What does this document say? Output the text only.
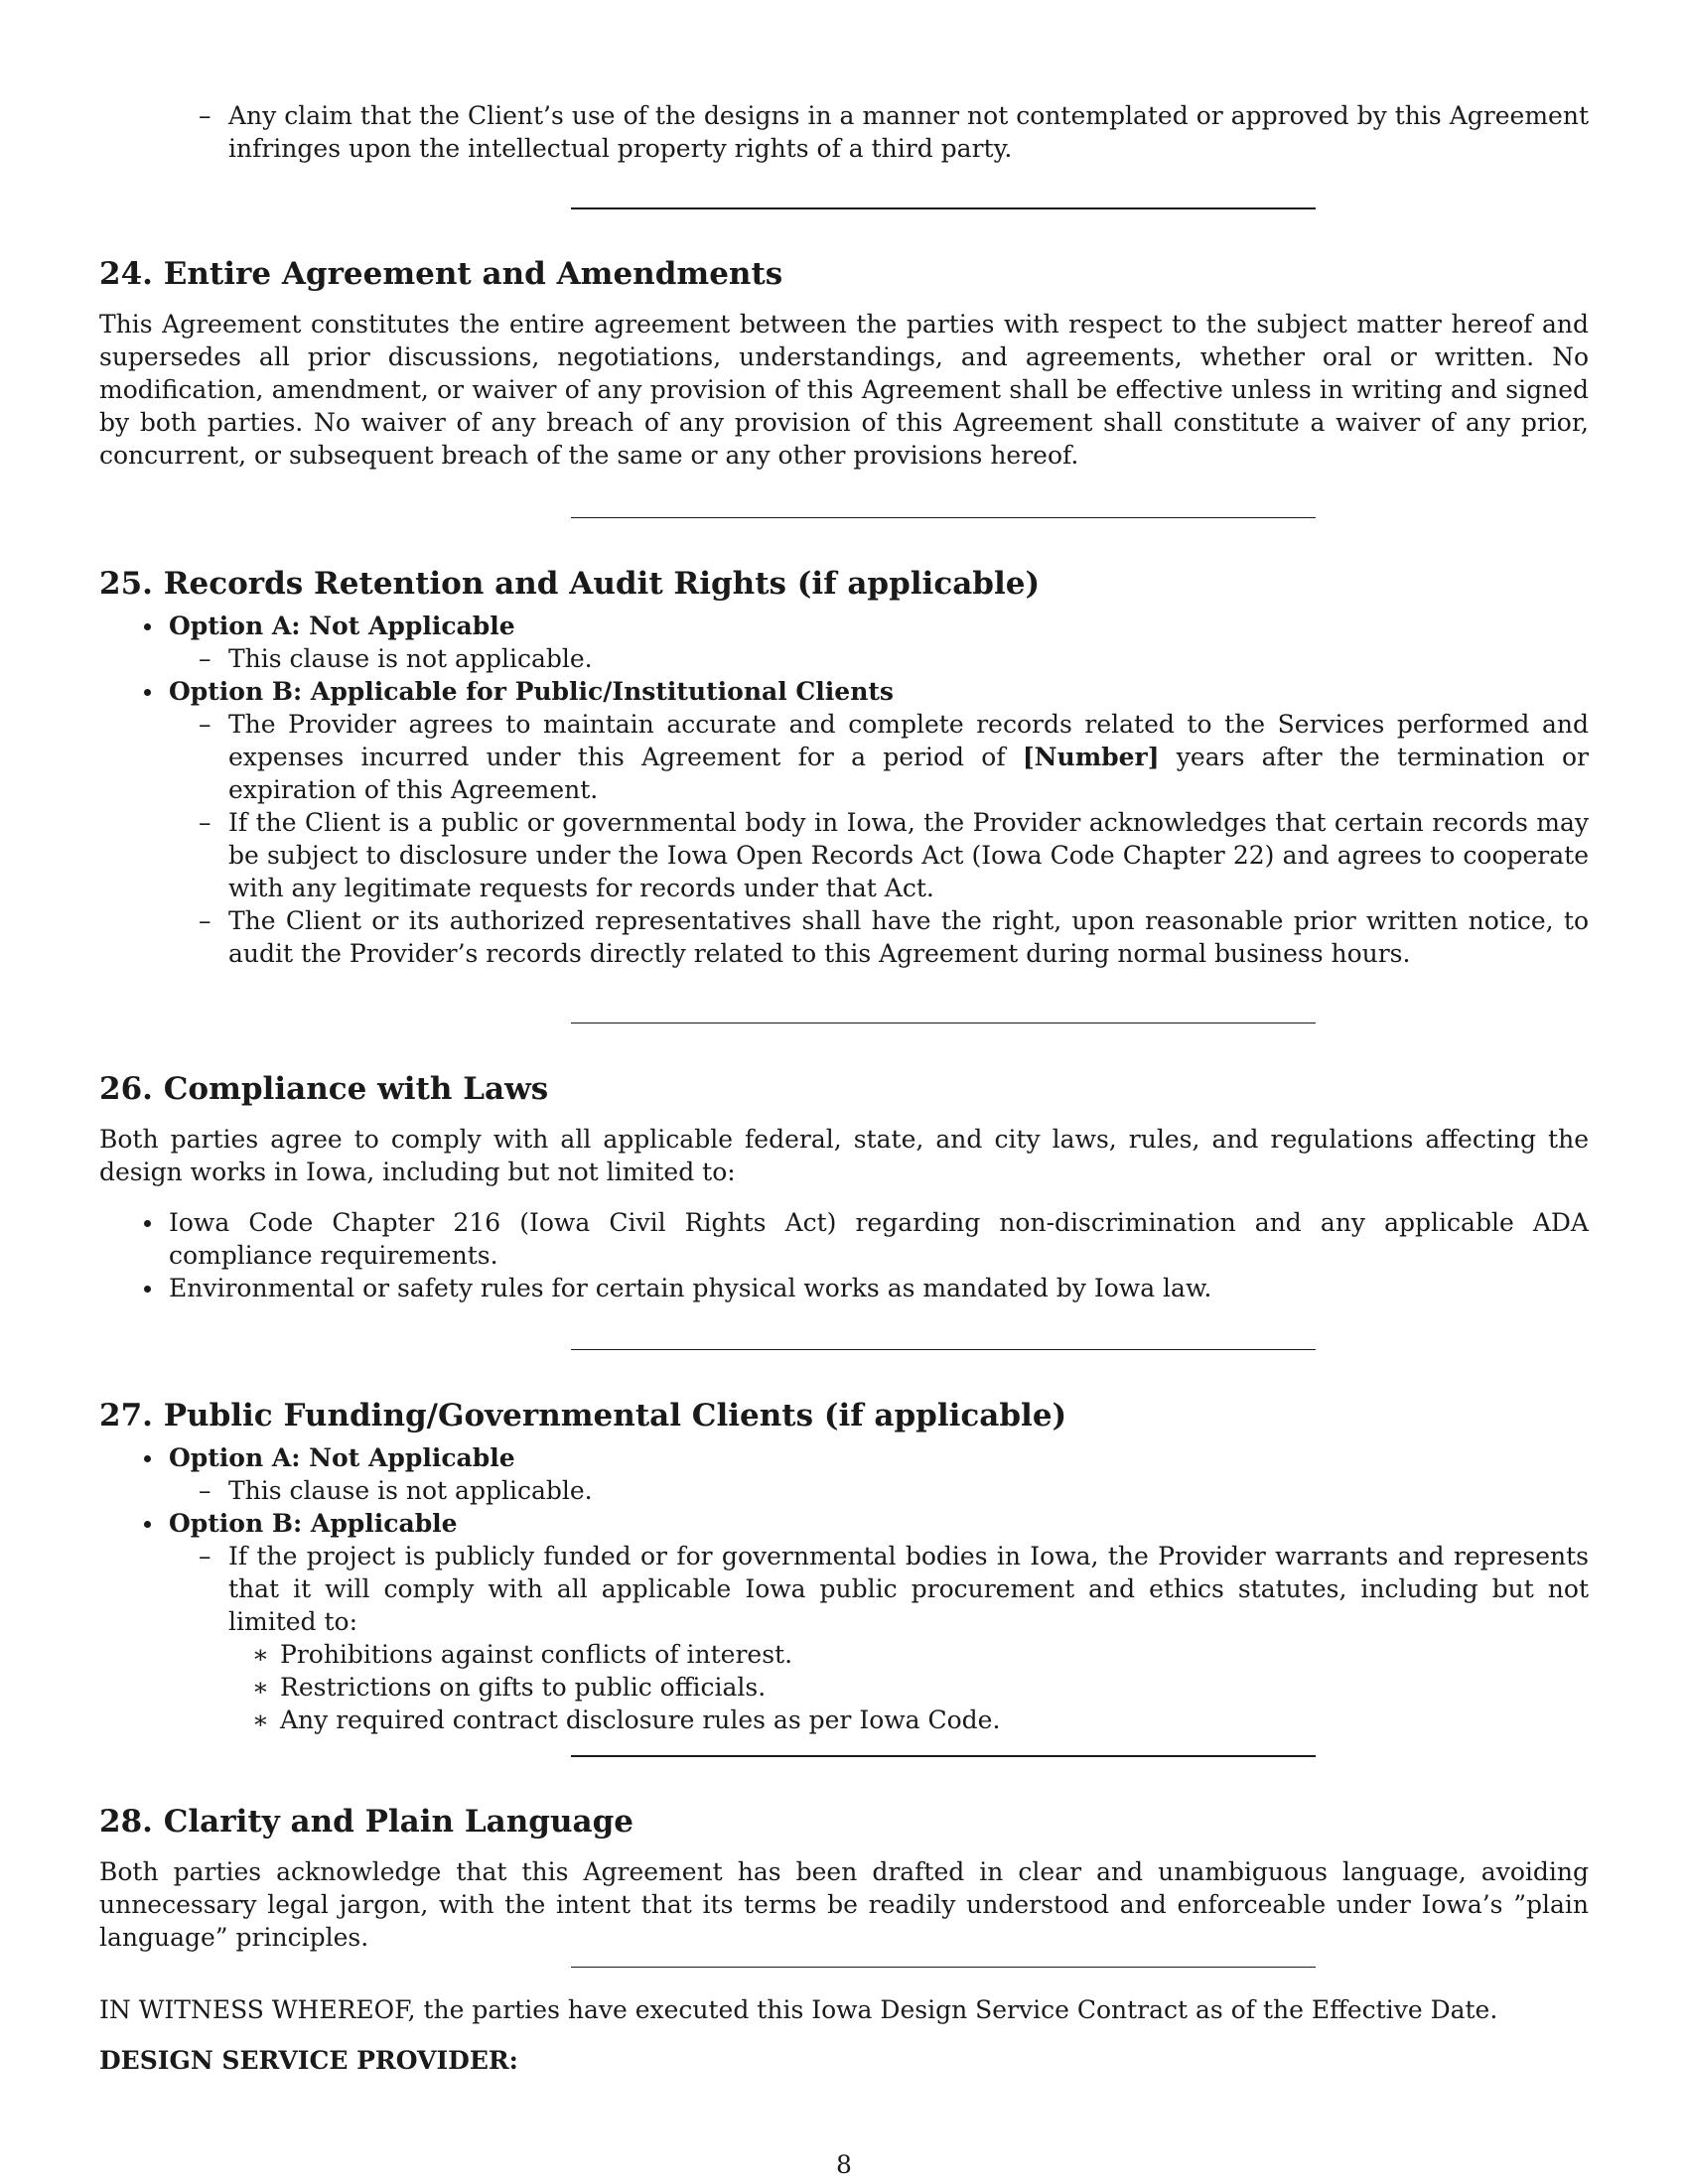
– Any claim that the Client’s use of the designs in a manner not contemplated or approved by this Agreement infringes upon the intellectual property rights of a third party.
24. Entire Agreement and Amendments

This Agreement constitutes the entire agreement between the parties with respect to the subject matter hereof and supersedes all prior discussions, negotiations, understandings, and agreements, whether oral or written. No modification, amendment, or waiver of any provision of this Agreement shall be effective unless in writing and signed by both parties. No waiver of any breach of any provision of this Agreement shall constitute a waiver of any prior, concurrent, or subsequent breach of the same or any other provisions hereof.

25. Records Retention and Audit Rights (if applicable)
Option A: Not Applicable
– This clause is not applicable.
Option B: Applicable for Public/Institutional Clients
– The Provider agrees to maintain accurate and complete records related to the Services performed and expenses incurred under this Agreement for a period of [Number] years after the termination or expiration of this Agreement.
– If the Client is a public or governmental body in Iowa, the Provider acknowledges that certain records may be subject to disclosure under the Iowa Open Records Act (Iowa Code Chapter 22) and agrees to cooperate with any legitimate requests for records under that Act.
– The Client or its authorized representatives shall have the right, upon reasonable prior written notice, to audit the Provider’s records directly related to this Agreement during normal business hours.
26. Compliance with Laws

Both parties agree to comply with all applicable federal, state, and city laws, rules, and regulations affecting the design works in Iowa, including but not limited to:

Iowa Code Chapter 216 (Iowa Civil Rights Act) regarding non-discrimination and any applicable ADA compliance requirements.
Environmental or safety rules for certain physical works as mandated by Iowa law.
27. Public Funding/Governmental Clients (if applicable)
Option A: Not Applicable
– This clause is not applicable.
Option B: Applicable
– If the project is publicly funded or for governmental bodies in Iowa, the Provider warrants and represents that it will comply with all applicable Iowa public procurement and ethics statutes, including but not limited to:
∗ Prohibitions against conflicts of interest.
∗ Restrictions on gifts to public officials.
∗ Any required contract disclosure rules as per Iowa Code.
28. Clarity and Plain Language

Both parties acknowledge that this Agreement has been drafted in clear and unambiguous language, avoiding unnecessary legal jargon, with the intent that its terms be readily understood and enforceable under Iowa’s ”plain language” principles.

IN WITNESS WHEREOF, the parties have executed this Iowa Design Service Contract as of the Effective Date.

DESIGN SERVICE PROVIDER:

8
